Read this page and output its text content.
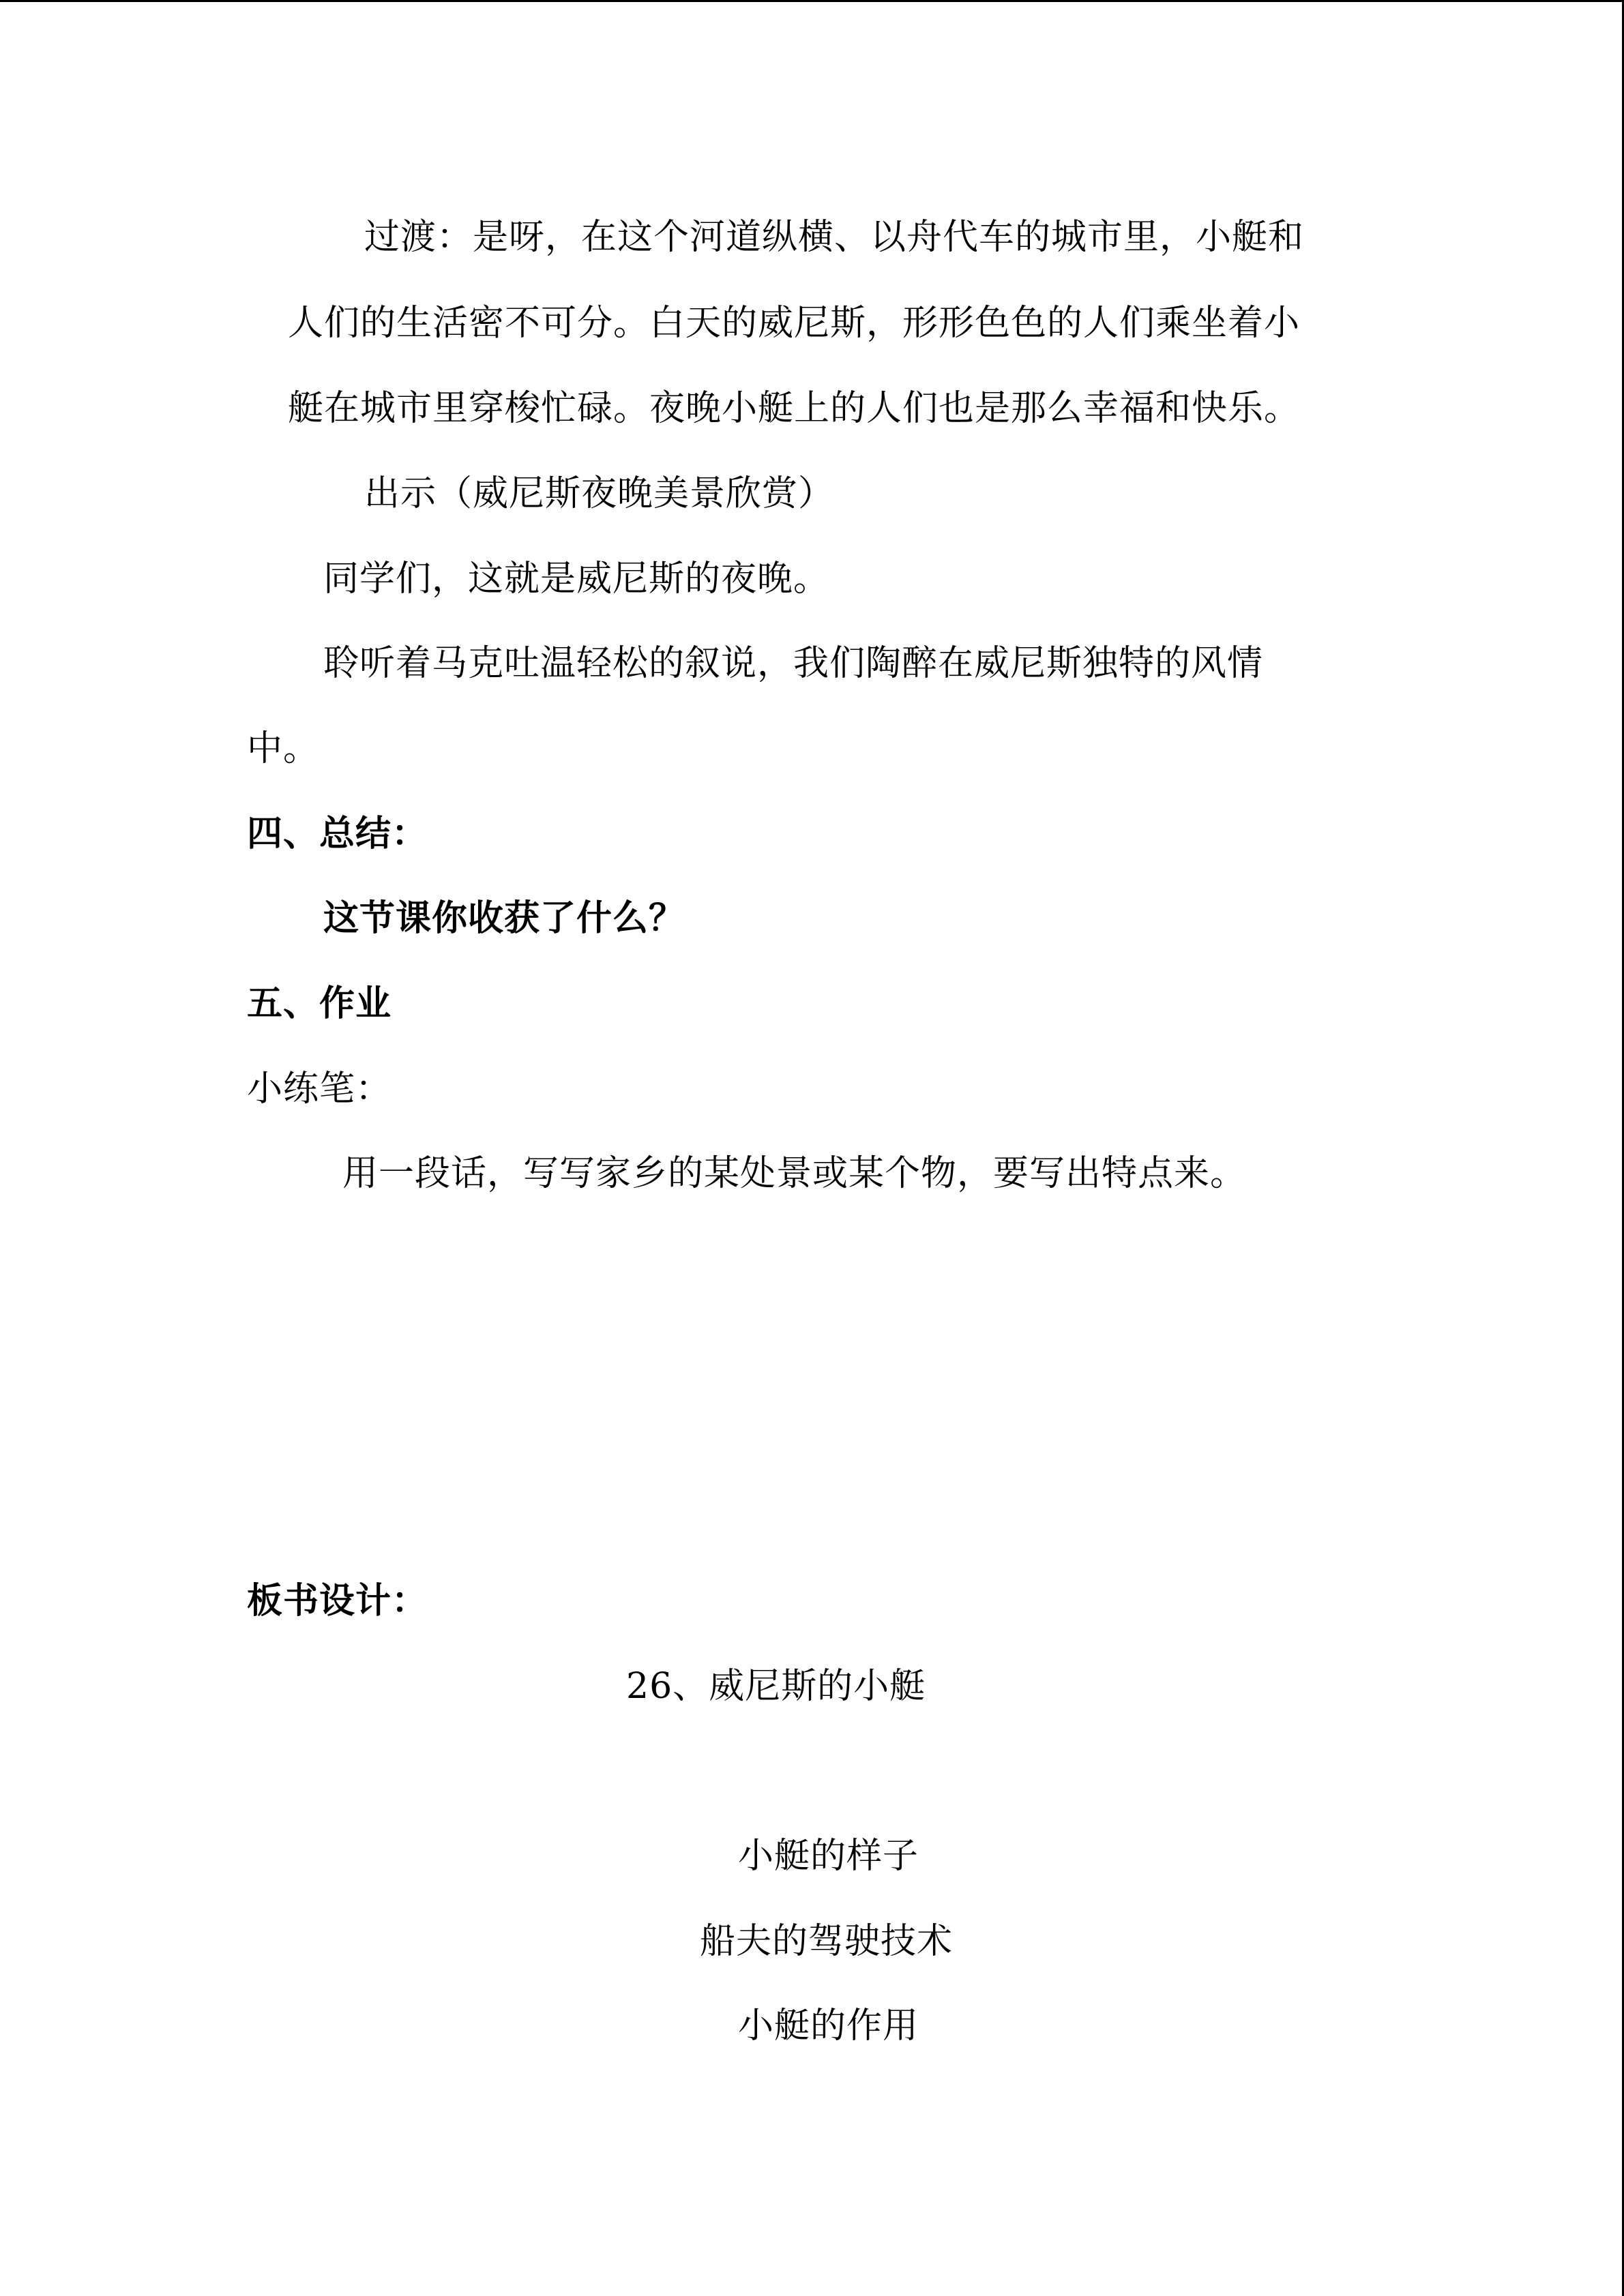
过渡：是呀，在这个河道纵横、以舟代车的城市里，小艇和
人们的生活密不可分。白天的威尼斯，形形色色的人们乘坐着小
艇在城市里穿梭忙碌。夜晚小艇上的人们也是那么幸福和快乐。
出示（威尼斯夜晚美景欣赏）
同学们，这就是威尼斯的夜晚。
聆听着马克吐温轻松的叙说，我们陶醉在威尼斯独特的风情
中。
四、总结：
这节课你收获了什么？
五、作业
小练笔：
用一段话，写写家乡的某处景或某个物，要写出特点来。
板书设计：
26、威尼斯的小艇
小艇的样子
船夫的驾驶技术
小艇的作用
